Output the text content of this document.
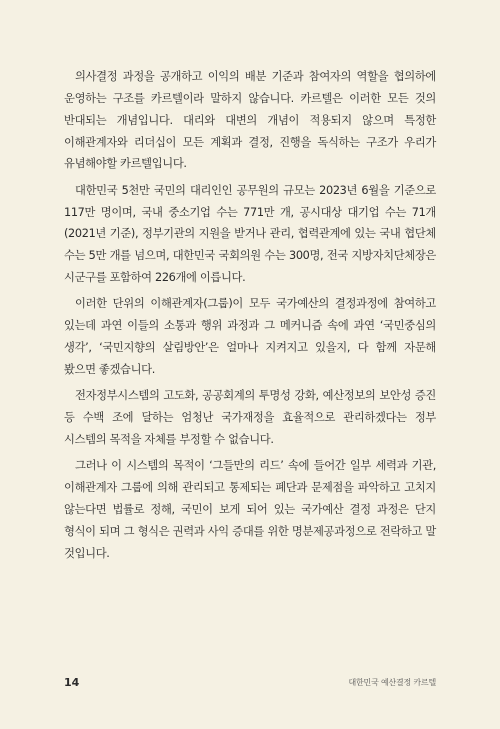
의사결정 과정을 공개하고 이익의 배분 기준과 참여자의 역할을 협의하에 운영하는 구조를 카르텔이라 말하지 않습니다. 카르텔은 이러한 모든 것의 반대되는 개념입니다. 대리와 대변의 개념이 적용되지 않으며 특정한 이해관계자와 리더십이 모든 계획과 결정, 진행을 독식하는 구조가 우리가 유념해야할 카르텔입니다.

대한민국 5천만 국민의 대리인인 공무원의 규모는 2023년 6월을 기준으로 117만 명이며, 국내 중소기업 수는 771만 개, 공시대상 대기업 수는 71개(2021년 기준), 정부기관의 지원을 받거나 관리, 협력관계에 있는 국내 협단체 수는 5만 개를 넘으며, 대한민국 국회의원 수는 300명, 전국 지방자치단체장은 시군구를 포함하여 226개에 이릅니다.

이러한 단위의 이해관계자(그룹)이 모두 국가예산의 결정과정에 참여하고 있는데 과연 이들의 소통과 행위 과정과 그 메커니즘 속에 과연 ‘국민중심의 생각’, ‘국민지향의 살림방안’은 얼마나 지켜지고 있을지, 다 함께 자문해 봤으면 좋겠습니다.

전자정부시스템의 고도화, 공공회계의 투명성 강화, 예산정보의 보안성 증진 등 수백 조에 달하는 엄청난 국가재정을 효율적으로 관리하겠다는 정부 시스템의 목적을 자체를 부정할 수 없습니다.

그러나 이 시스템의 목적이 ‘그들만의 리드’ 속에 들어간 일부 세력과 기관, 이해관계자 그룹에 의해 관리되고 통제되는 폐단과 문제점을 파악하고 고치지 않는다면 법률로 정해, 국민이 보게 되어 있는 국가예산 결정 과정은 단지 형식이 되며 그 형식은 권력과 사익 증대를 위한 명분제공과정으로 전락하고 말 것입니다.

14	대한민국 예산결정 카르텔
